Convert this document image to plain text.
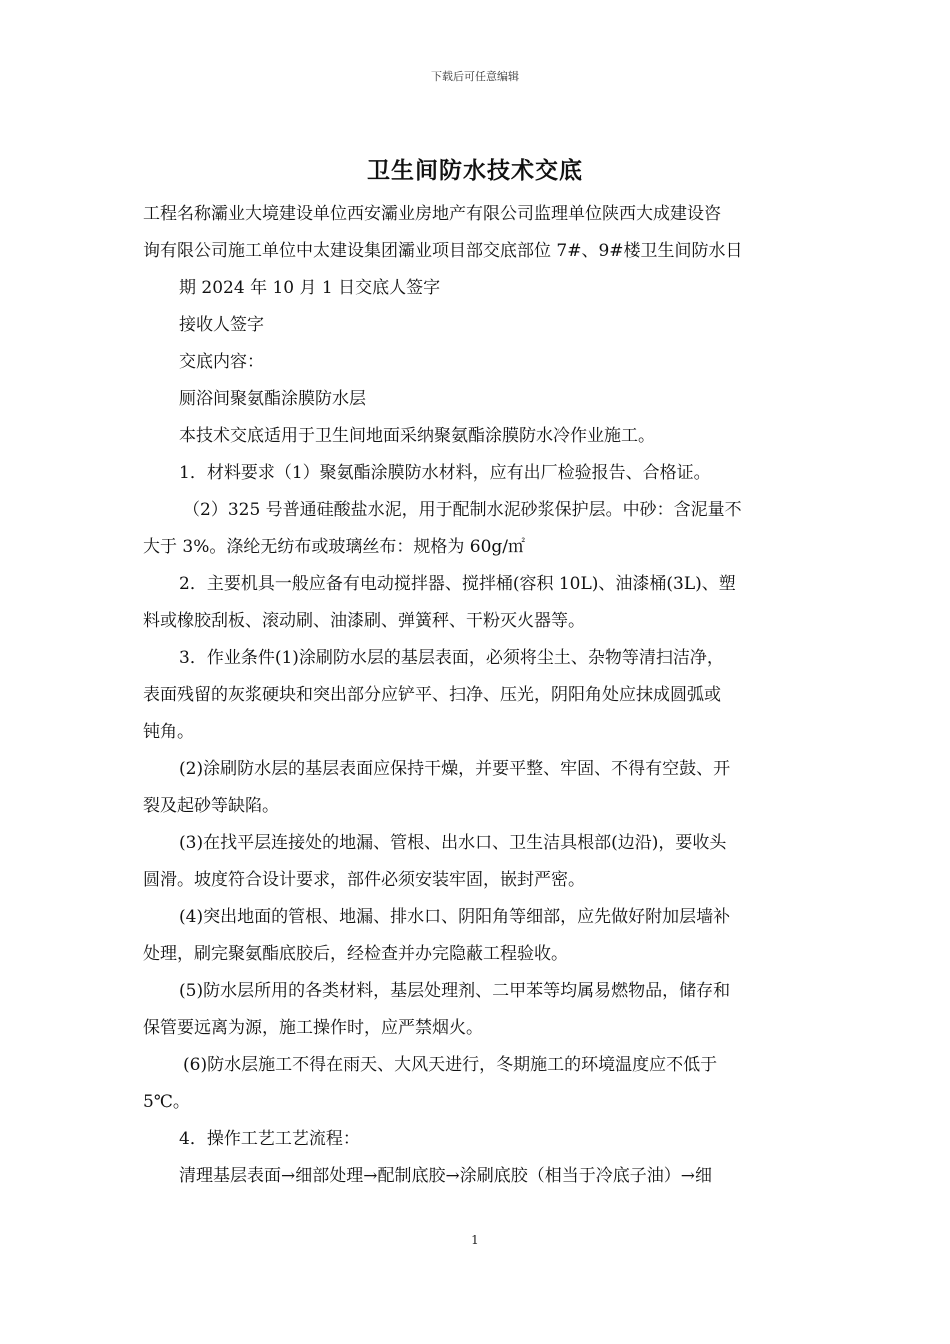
下载后可任意编辑
卫生间防水技术交底
工程名称灞业大境建设单位西安灞业房地产有限公司监理单位陕西大成建设咨
询有限公司施工单位中太建设集团灞业项目部交底部位 7#、9#楼卫生间防水日
期 2024 年 10 月 1 日交底人签字
接收人签字
交底内容：
厕浴间聚氨酯涂膜防水层
本技术交底适用于卫生间地面采纳聚氨酯涂膜防水冷作业施工。
1．材料要求（1）聚氨酯涂膜防水材料，应有出厂检验报告、合格证。
（2）325 号普通硅酸盐水泥，用于配制水泥砂浆保护层。中砂：含泥量不
大于 3%。涤纶无纺布或玻璃丝布：规格为 60g/㎡
2．主要机具一般应备有电动搅拌器、搅拌桶(容积 10L)、油漆桶(3L)、塑
料或橡胶刮板、滚动刷、油漆刷、弹簧秤、干粉灭火器等。
3．作业条件(1)涂刷防水层的基层表面，必须将尘土、杂物等清扫洁净，
表面残留的灰浆硬块和突出部分应铲平、扫净、压光，阴阳角处应抹成圆弧或
钝角。
(2)涂刷防水层的基层表面应保持干燥，并要平整、牢固、不得有空鼓、开
裂及起砂等缺陷。
(3)在找平层连接处的地漏、管根、出水口、卫生洁具根部(边沿)，要收头
圆滑。坡度符合设计要求，部件必须安装牢固，嵌封严密。
(4)突出地面的管根、地漏、排水口、阴阳角等细部，应先做好附加层墙补
处理，刷完聚氨酯底胶后，经检查并办完隐蔽工程验收。
(5)防水层所用的各类材料，基层处理剂、二甲苯等均属易燃物品，储存和
保管要远离为源，施工操作时，应严禁烟火。
(6)防水层施工不得在雨天、大风天进行，冬期施工的环境温度应不低于
5℃。
4．操作工艺工艺流程：
清理基层表面→细部处理→配制底胶→涂刷底胶（相当于冷底子油）→细
1
